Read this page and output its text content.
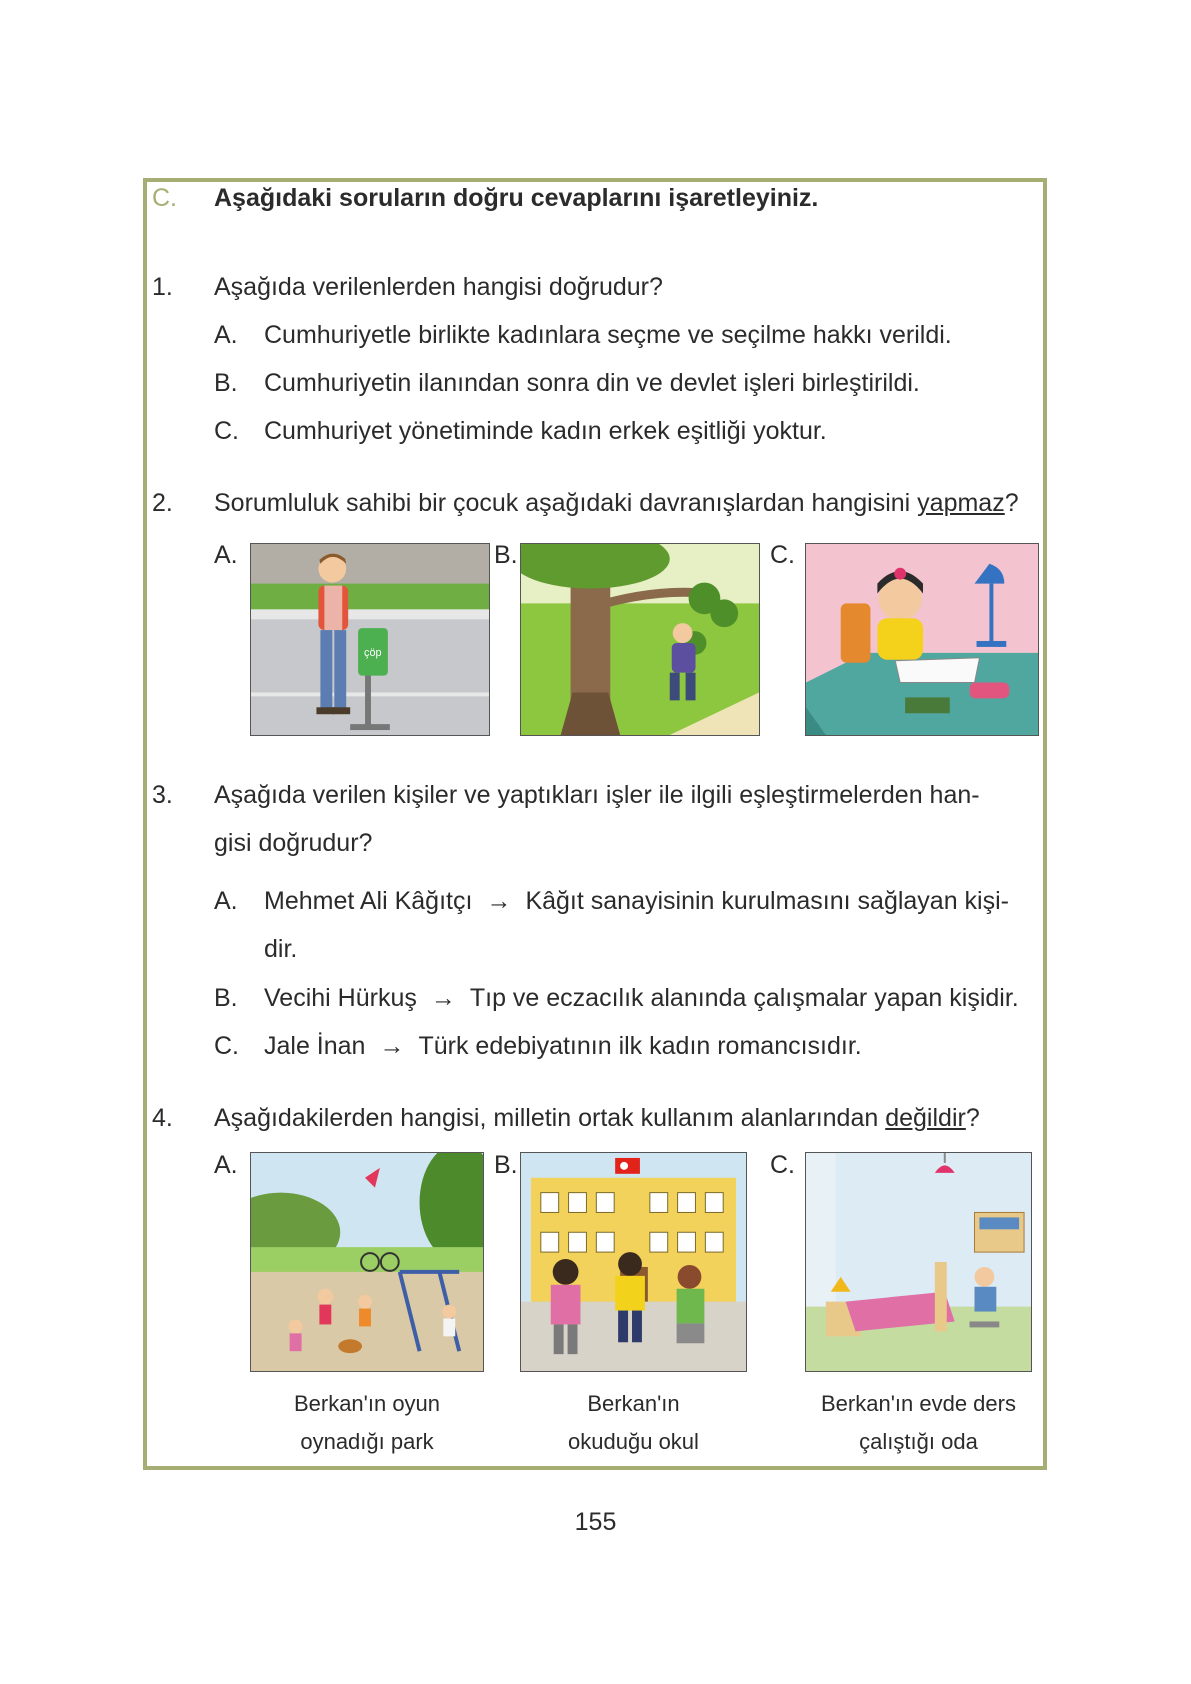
C. Aşağıdaki soruların doğru cevaplarını işaretleyiniz.
1. Aşağıda verilenlerden hangisi doğrudur?
A. Cumhuriyetle birlikte kadınlara seçme ve seçilme hakkı verildi.
B. Cumhuriyetin ilanından sonra din ve devlet işleri birleştirildi.
C. Cumhuriyet yönetiminde kadın erkek eşitliği yoktur.
2. Sorumluluk sahibi bir çocuk aşağıdaki davranışlardan hangisini yapmaz?
A.
çöp
B.	C.
3. Aşağıda verilen kişiler ve yaptıkları işler ile ilgili eşleştirmelerden han-
gisi doğrudur?
A. Mehmet Ali Kâğıtçı → Kâğıt sanayisinin kurulmasını sağlayan kişi-
dir.
B. Vecihi Hürkuş → Tıp ve eczacılık alanında çalışmalar yapan kişidir.
C. Jale İnan → Türk edebiyatının ilk kadın romancısıdır.
4. Aşağıdakilerden hangisi, milletin ortak kullanım alanlarından değildir?
A.	B.	C.
Berkan'ın oyun
oynadığı park
Berkan'ın
okuduğu okul
Berkan'ın evde ders
çalıştığı oda
155
